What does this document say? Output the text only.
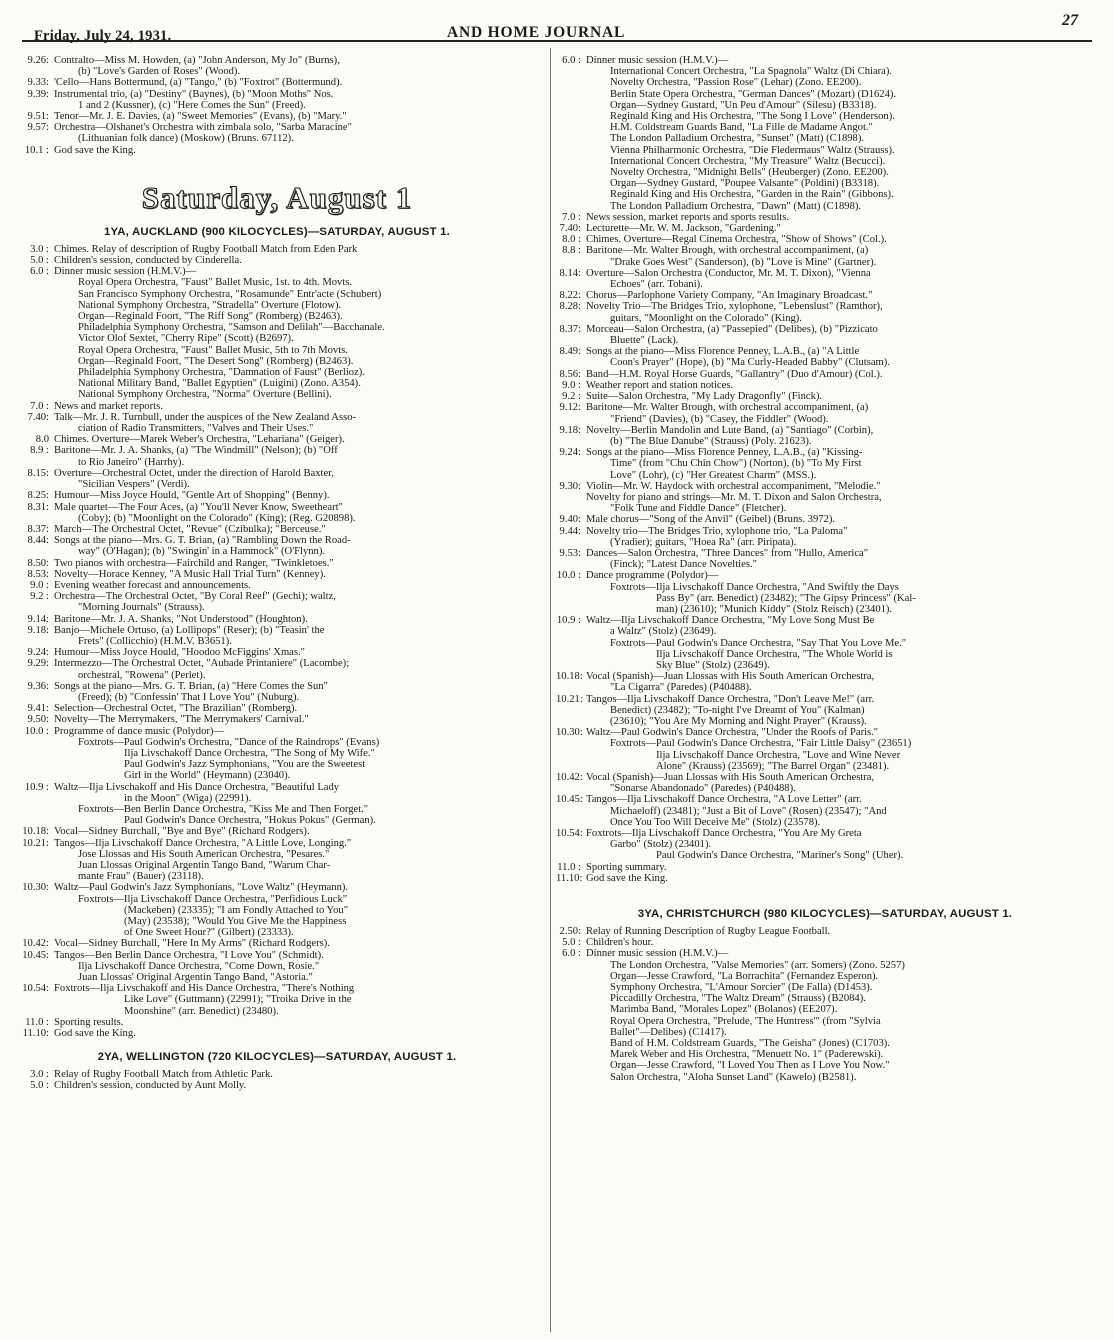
Friday, July 24, 1931.	AND HOME JOURNAL
27
9.26: Contralto—Miss M. Howden, (a) "John Anderson, My Jo" (Burns),
(b) "Love's Garden of Roses" (Wood).
9.33: 'Cello—Hans Bottermund, (a) "Tango," (b) "Foxtrot" (Bottermund).
9.39: Instrumental trio, (a) "Destiny" (Baynes), (b) "Moon Moths" Nos.
1 and 2 (Kussner), (c) "Here Comes the Sun" (Freed).
9.51: Tenor—Mr. J. E. Davies, (a) "Sweet Memories" (Evans), (b) "Mary."
9.57: Orchestra—Olshanet's Orchestra with zimbala solo, "Sarba Maracine"
(Lithuanian folk dance) (Moskow) (Bruns. 67112).
10.1 : God save the King.
Saturday, August 1
1YA, AUCKLAND (900 KILOCYCLES)—SATURDAY, AUGUST 1.
3.0 : Chimes. Relay of description of Rugby Football Match from Eden Park
5.0 : Children's session, conducted by Cinderella.
6.0 : Dinner music session (H.M.V.)—
Royal Opera Orchestra, "Faust" Ballet Music, 1st. to 4th. Movts.
San Francisco Symphony Orchestra, "Rosamunde" Entr'acte (Schubert)
National Symphony Orchestra, "Stradella" Overture (Flotow).
Organ—Reginald Foort, "The Riff Song" (Romberg) (B2463).
Philadelphia Symphony Orchestra, "Samson and Delilah"—Bacchanale.
Victor Olof Sextet, "Cherry Ripe" (Scott) (B2697).
Royal Opera Orchestra, "Faust" Ballet Music, 5th to 7th Movts.
Organ—Reginald Foort, "The Desert Song" (Romberg) (B2463).
Philadelphia Symphony Orchestra, "Damnation of Faust" (Berlioz).
National Military Band, "Ballet Egyptien" (Luigini) (Zono. A354).
National Symphony Orchestra, "Norma" Overture (Bellini).
7.0 : News and market reports.
7.40: Talk—Mr. J. R. Turnbull, under the auspices of the New Zealand Asso-
ciation of Radio Transmitters, "Valves and Their Uses."
8.0 Chimes. Overture—Marek Weber's Orchestra, "Lehariana" (Geiger).
8.9 : Baritone—Mr. J. A. Shanks, (a) "The Windmill" (Nelson); (b) "Off
to Rio Janeiro" (Harrhy).
8.15: Overture—Orchestral Octet, under the direction of Harold Baxter,
"Sicilian Vespers" (Verdi).
8.25: Humour—Miss Joyce Hould, "Gentle Art of Shopping" (Benny).
8.31: Male quartet—The Four Aces, (a) "You'll Never Know, Sweetheart"
(Coby); (b) "Moonlight on the Colorado" (King); (Reg. G20898).
8.37: March—The Orchestral Octet, "Revue" (Czibulka); "Berceuse."
8.44: Songs at the piano—Mrs. G. T. Brian, (a) "Rambling Down the Road-
way" (O'Hagan); (b) "Swingin' in a Hammock" (O'Flynn).
8.50: Two pianos with orchestra—Fairchild and Ranger, "Twinkletoes."
8.53: Novelty—Horace Kenney, "A Music Hall Trial Turn" (Kenney).
9.0 : Evening weather forecast and announcements.
9.2 : Orchestra—The Orchestral Octet, "By Coral Reef" (Gechi); waltz,
"Morning Journals" (Strauss).
9.14: Baritone—Mr. J. A. Shanks, "Not Understood" (Houghton).
9.18: Banjo—Michele Ortuso, (a) Lollipops" (Reser); (b) "Teasin' the
Frets" (Collicchio) (H.M.V. B3651).
9.24: Humour—Miss Joyce Hould, "Hoodoo McFiggins' Xmas."
9.29: Intermezzo—The Orchestral Octet, "Aubade Printaniere" (Lacombe);
orchestral, "Rowena" (Perlet).
9.36: Songs at the piano—Mrs. G. T. Brian, (a) "Here Comes the Sun"
(Freed); (b) "Confessin' That I Love You" (Nuburg).
9.41: Selection—Orchestral Octet, "The Brazilian" (Romberg).
9.50: Novelty—The Merrymakers, "The Merrymakers' Carnival."
10.0 : Programme of dance music (Polydor)—
Foxtrots—Paul Godwin's Orchestra, "Dance of the Raindrops" (Evans)
Ilja Livschakoff Dance Orchestra, "The Song of My Wife."
Paul Godwin's Jazz Symphonians, "You are the Sweetest
Girl in the World" (Heymann) (23040).
10.9 : Waltz—Ilja Livschakoff and His Dance Orchestra, "Beautiful Lady
in the Moon" (Wiga) (22991).
Foxtrots—Ben Berlin Dance Orchestra, "Kiss Me and Then Forget."
Paul Godwin's Dance Orchestra, "Hokus Pokus" (German).
10.18: Vocal—Sidney Burchall, "Bye and Bye" (Richard Rodgers).
10.21: Tangos—Ilja Livschakoff Dance Orchestra, "A Little Love, Longing."
Jose Llossas and His South American Orchestra, "Pesares."
Juan Llossas Original Argentin Tango Band, "Warum Char-
mante Frau" (Bauer) (23118).
10.30: Waltz—Paul Godwin's Jazz Symphonians, "Love Waltz" (Heymann).
Foxtrots—Ilja Livschakoff Dance Orchestra, "Perfidious Luck"
(Mackeben) (23335); "I am Fondly Attached to You"
(May) (23538); "Would You Give Me the Happiness
of One Sweet Hour?" (Gilbert) (23333).
10.42: Vocal—Sidney Burchall, "Here In My Arms" (Richard Rodgers).
10.45: Tangos—Ben Berlin Dance Orchestra, "I Love You" (Schmidt).
Ilja Livschakoff Dance Orchestra, "Come Down, Rosie."
Juan Llossas' Original Argentin Tango Band, "Astoria."
10.54: Foxtrots—Ilja Livschakoff and His Dance Orchestra, "There's Nothing
Like Love" (Guttmann) (22991); "Troika Drive in the
Moonshine" (arr. Benedict) (23480).
11.0 : Sporting results.
11.10: God save the King.
2YA, WELLINGTON (720 KILOCYCLES)—SATURDAY, AUGUST 1.
3.0 : Relay of Rugby Football Match from Athletic Park.
5.0 : Children's session, conducted by Aunt Molly.
6.0 : Dinner music session (H.M.V.)—
International Concert Orchestra, "La Spagnola" Waltz (Di Chiara).
Novelty Orchestra, "Passion Rose" (Lehar) (Zono. EE200).
Berlin State Opera Orchestra, "German Dances" (Mozart) (D1624).
Organ—Sydney Gustard, "Un Peu d'Amour" (Silesu) (B3318).
Reginald King and His Orchestra, "The Song I Love" (Henderson).
H.M. Coldstream Guards Band, "La Fille de Madame Angot."
The London Palladium Orchestra, "Sunset" (Matt) (C1898).
Vienna Philharmonic Orchestra, "Die Fledermaus" Waltz (Strauss).
International Concert Orchestra, "My Treasure" Waltz (Becucci).
Novelty Orchestra, "Midnight Bells" (Heuberger) (Zono. EE200).
Organ—Sydney Gustard, "Poupee Valsante" (Poldini) (B3318).
Reginald King and His Orchestra, "Garden in the Rain" (Gibbons).
The London Palladium Orchestra, "Dawn" (Matt) (C1898).
7.0 : News session, market reports and sports results.
7.40: Lecturette—Mr. W. M. Jackson, "Gardening."
8.0 : Chimes. Overture—Regal Cinema Orchestra, "Show of Shows" (Col.).
8.8 : Baritone—Mr. Walter Brough, with orchestral accompaniment, (a)
"Drake Goes West" (Sanderson), (b) "Love is Mine" (Gartner).
8.14: Overture—Salon Orchestra (Conductor, Mr. M. T. Dixon), "Vienna
Echoes" (arr. Tobani).
8.22: Chorus—Parlophone Variety Company, "An Imaginary Broadcast."
8.28: Novelty Trio—The Bridges Trio, xylophone, "Lebenslust" (Ramthor),
guitars, "Moonlight on the Colorado" (King).
8.37: Morceau—Salon Orchestra, (a) "Passepied" (Delibes), (b) "Pizzicato
Bluette" (Lack).
8.49: Songs at the piano—Miss Florence Penney, L.A.B., (a) "A Little
Coon's Prayer" (Hope), (b) "Ma Curly-Headed Babby" (Clutsam).
8.56: Band—H.M. Royal Horse Guards, "Gallantry" (Duo d'Amour) (Col.).
9.0 : Weather report and station notices.
9.2 : Suite—Salon Orchestra, "My Lady Dragonfly" (Finck).
9.12: Baritone—Mr. Walter Brough, with orchestral accompaniment, (a)
"Friend" (Davies), (b) "Casey, the Fiddler" (Wood).
9.18: Novelty—Berlin Mandolin and Lute Band, (a) "Santiago" (Corbin),
(b) "The Blue Danube" (Strauss) (Poly. 21623).
9.24: Songs at the piano—Miss Florence Penney, L.A.B., (a) "Kissing-
Time" (from "Chu Chin Chow") (Norton), (b) "To My First
Love" (Lohr), (c) "Her Greatest Charm" (MSS.).
9.30: Violin—Mr. W. Haydock with orchestral accompaniment, "Melodie."
Novelty for piano and strings—Mr. M. T. Dixon and Salon Orchestra,
"Folk Tune and Fiddle Dance" (Fletcher).
9.40: Male chorus—"Song of the Anvil" (Geibel) (Bruns. 3972).
9.44: Novelty trio—The Bridges Trio, xylophone trio, "La Paloma"
(Yradier); guitars, "Hoea Ra" (arr. Piripata).
9.53: Dances—Salon Orchestra, "Three Dances" from "Hullo, America"
(Finck); "Latest Dance Novelties."
10.0 : Dance programme (Polydor)—
Foxtrots—Ilja Livschakoff Dance Orchestra, "And Swiftly the Days
Pass By" (arr. Benedict) (23482); "The Gipsy Princess" (Kal-
man) (23610); "Munich Kiddy" (Stolz Reisch) (23401).
10.9 : Waltz—Ilja Livschakoff Dance Orchestra, "My Love Song Must Be
a Waltz" (Stolz) (23649).
Foxtrots—Paul Godwin's Dance Orchestra, "Say That You Love Me."
Ilja Livschakoff Dance Orchestra, "The Whole World is
Sky Blue" (Stolz) (23649).
10.18: Vocal (Spanish)—Juan Llossas with His South American Orchestra,
"La Cigarra" (Paredes) (P40488).
10.21: Tangos—Ilja Livschakoff Dance Orchestra, "Don't Leave Me!" (arr.
Benedict) (23482); "To-night I've Dreamt of You" (Kalman)
(23610); "You Are My Morning and Night Prayer" (Krauss).
10.30: Waltz—Paul Godwin's Dance Orchestra, "Under the Roofs of Paris."
Foxtrots—Paul Godwin's Dance Orchestra, "Fair Little Daisy" (23651)
Ilja Livschakoff Dance Orchestra, "Love and Wine Never
Alone" (Krauss) (23569); "The Barrel Organ" (23481).
10.42: Vocal (Spanish)—Juan Llossas with His South American Orchestra,
"Sonarse Abandonado" (Paredes) (P40488).
10.45: Tangos—Ilja Livschakoff Dance Orchestra, "A Love Letter" (arr.
Michaeloff) (23481); "Just a Bit of Love" (Rosen) (23547); "And
Once You Too Will Deceive Me" (Stolz) (23578).
10.54: Foxtrots—Ilja Livschakoff Dance Orchestra, "You Are My Greta
Garbo" (Stolz) (23401).
Paul Godwin's Dance Orchestra, "Mariner's Song" (Uher).
11.0 : Sporting summary.
11.10: God save the King.
3YA, CHRISTCHURCH (980 KILOCYCLES)—SATURDAY, AUGUST 1.
2.50: Relay of Running Description of Rugby League Football.
5.0 : Children's hour.
6.0 : Dinner music session (H.M.V.)—
The London Orchestra, "Valse Memories" (arr. Somers) (Zono. 5257)
Organ—Jesse Crawford, "La Borrachita" (Fernandez Esperon).
Symphony Orchestra, "L'Amour Sorcier" (De Falla) (D1453).
Piccadilly Orchestra, "The Waltz Dream" (Strauss) (B2084).
Marimba Band, "Morales Lopez" (Bolanos) (EE207).
Royal Opera Orchestra, "Prelude, 'The Huntress'" (from "Sylvia
Ballet"—Delibes) (C1417).
Band of H.M. Coldstream Guards, "The Geisha" (Jones) (C1703).
Marek Weber and His Orchestra, "Menuett No. 1" (Paderewski).
Organ—Jesse Crawford, "I Loved You Then as I Love You Now."
Salon Orchestra, "Aloha Sunset Land" (Kawelo) (B2581).
